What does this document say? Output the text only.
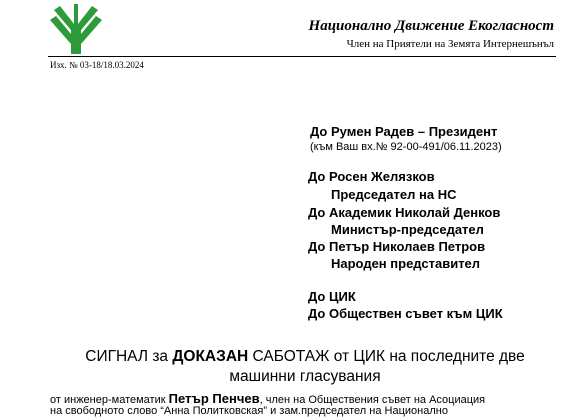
Национално Движение Екогласност
Член на Приятели на Земята Интернешънъл
Изх. № 03-18/18.03.2024
До Румен Радев – Президент
(към Ваш вх.№ 92-00-491/06.11.2023)
До Росен Желязков
Председател на НС
До Академик Николай Денков
Министър-председател
До Петър Николаев Петров
Народен представител
До ЦИК
До Обществен съвет към ЦИК
СИГНАЛ за ДОКАЗАН САБОТАЖ от ЦИК на последните две
машинни гласувания
от инженер-математик Петър Пенчев, член на Обществения съвет на Асоциация
на свободното слово “Анна Политковская” и зам.председател на Национално
